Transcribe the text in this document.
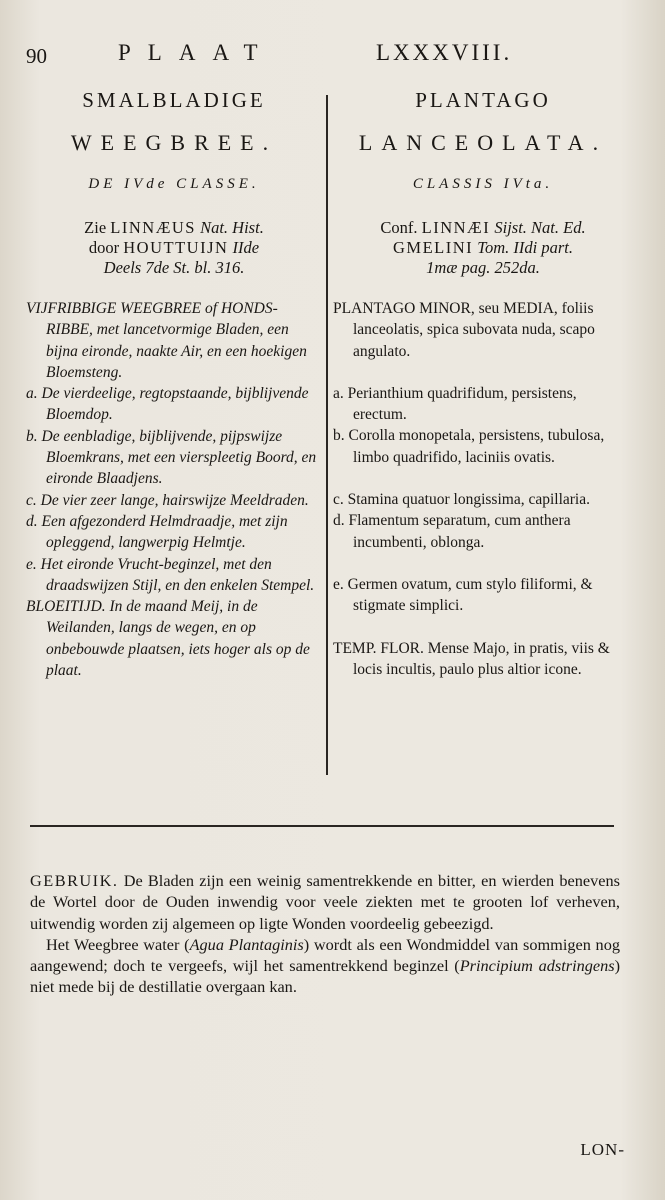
90	PLAAT	LXXXVIII.
SMALBLADIGE
WEEGBREE.
DE IVde CLASSE.
Zie LINNÆUS Nat. Hist.
door HOUTTUIJN IIde
Deels 7de St. bl. 316.

VIJFRIBBIGE WEEGBREE of HONDS-RIBBE, met lancetvormige Bladen, een bijna eironde, naakte Air, en een hoekigen Bloemsteng.

a. De vierdeelige, regtopstaande, bijblijvende Bloemdop.

b. De eenbladige, bijblijvende, pijpswijze Bloemkrans, met een vierspleetig Boord, en eironde Blaadjens.

c. De vier zeer lange, hairswijze Meeldraden.

d. Een afgezonderd Helmdraadje, met zijn opleggend, langwerpig Helmtje.

e. Het eironde Vrucht-beginzel, met den draadswijzen Stijl, en den enkelen Stempel.

BLOEITIJD. In de maand Meij, in de Weilanden, langs de wegen, en op onbebouwde plaatsen, iets hoger als op de plaat.

PLANTAGO
LANCEOLATA.
CLASSIS IVta.
Conf. LINNÆI Sijst. Nat. Ed.
GMELINI Tom. IIdi part.
1mæ pag. 252da.

PLANTAGO MINOR, seu MEDIA, foliis lanceolatis, spica subovata nuda, scapo angulato.

a. Perianthium quadrifidum, persistens, erectum.

b. Corolla monopetala, persistens, tubulosa, limbo quadrifido, laciniis ovatis.

c. Stamina quatuor longissima, capillaria.

d. Flamentum separatum, cum anthera incumbenti, oblonga.

e. Germen ovatum, cum stylo filiformi, & stigmate simplici.

TEMP. FLOR. Mense Majo, in pratis, viis & locis incultis, paulo plus altior icone.

GEBRUIK. De Bladen zijn een weinig samentrekkende en bitter, en wierden benevens de Wortel door de Ouden inwendig voor veele ziekten met te grooten lof verheven, uitwendig worden zij algemeen op ligte Wonden voordeelig gebeezigd.

Het Weegbree water (Agua Plantaginis) wordt als een Wondmiddel van sommigen nog aangewend; doch te vergeefs, wijl het samentrekkend beginzel (Principium adstringens) niet mede bij de destillatie overgaan kan.

LON-
